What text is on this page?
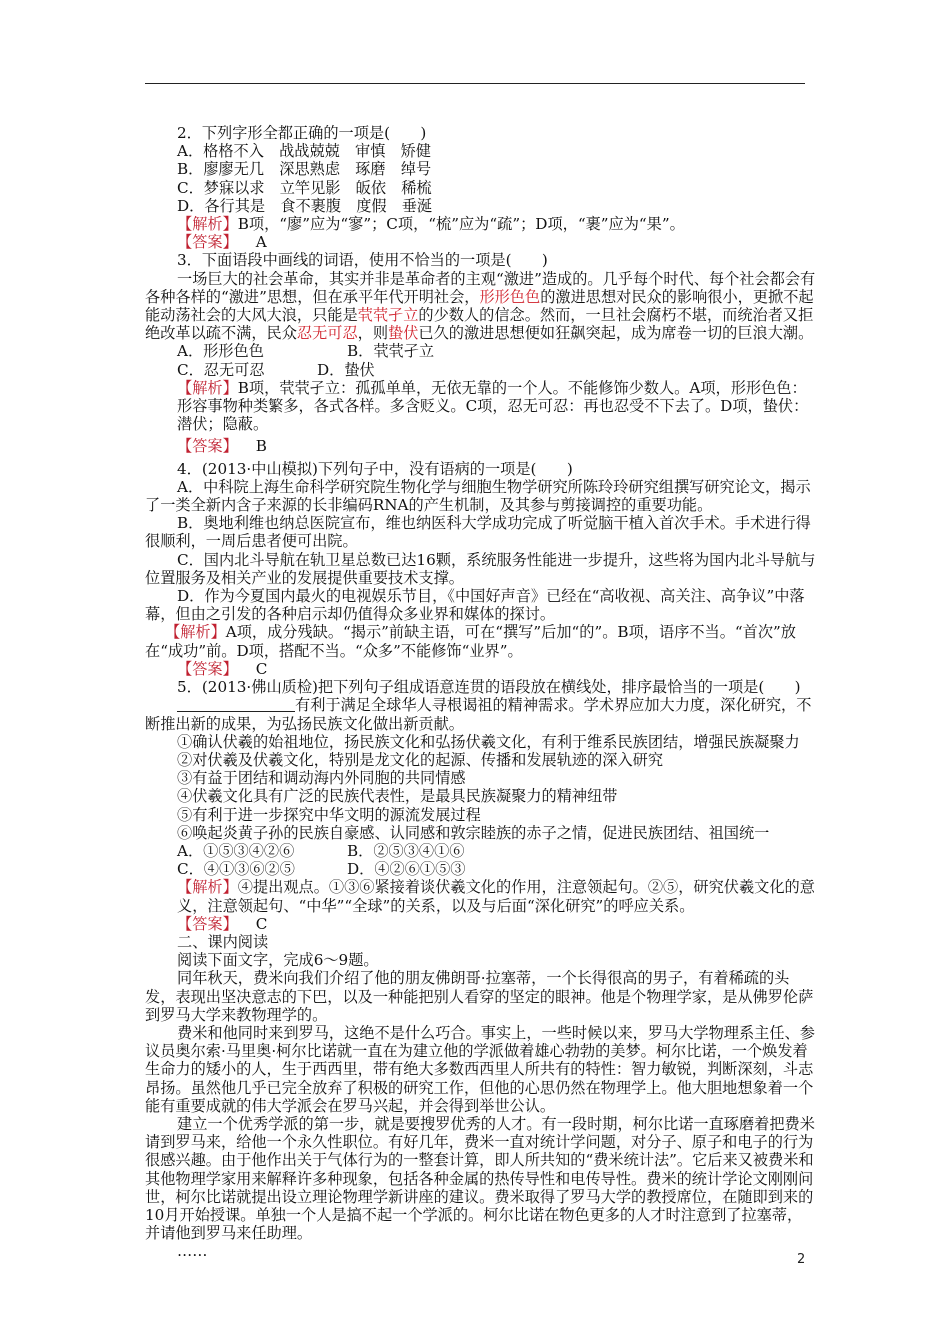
2．下列字形全都正确的一项是(　　)

A．格格不入　战战兢兢　审慎　矫健

B．廖廖无几　深思熟虑　琢磨　绰号

C．梦寐以求　立竿见影　皈依　稀梳

D．各行其是　食不裹腹　度假　垂涎

【解析】B项，“廖”应为“寥”；C项，“梳”应为“疏”；D项，“裹”应为“果”。

【答案】 A

3．下面语段中画线的词语，使用不恰当的一项是(　　)

一场巨大的社会革命，其实并非是革命者的主观“激进”造成的。几乎每个时代、每个社会都会有各种各样的“激进”思想，但在承平年代开明社会，形形色色的激进思想对民众的影响很小，更掀不起能动荡社会的大风大浪，只能是茕茕孑立的少数人的信念。然而，一旦社会腐朽不堪，而统治者又拒绝改革以疏不满，民众忍无可忍，则蛰伏已久的激进思想便如狂飙突起，成为席卷一切的巨浪大潮。

A．形形色色	B．茕茕孑立

C．忍无可忍	D．蛰伏

【解析】B项，茕茕孑立：孤孤单单，无依无靠的一个人。不能修饰少数人。A项，形形色色：形容事物种类繁多，各式各样。多含贬义。C项，忍无可忍：再也忍受不下去了。D项，蛰伏：潜伏；隐蔽。

【答案】 B

4．(2013·中山模拟)下列句子中，没有语病的一项是(　　)

A．中科院上海生命科学研究院生物化学与细胞生物学研究所陈玲玲研究组撰写研究论文，揭示了一类全新内含子来源的长非编码RNA的产生机制，及其参与剪接调控的重要功能。

B．奥地利维也纳总医院宣布，维也纳医科大学成功完成了听觉脑干植入首次手术。手术进行得很顺利，一周后患者便可出院。

C．国内北斗导航在轨卫星总数已达16颗，系统服务性能进一步提升，这些将为国内北斗导航与位置服务及相关产业的发展提供重要技术支撑。

D．作为今夏国内最火的电视娱乐节目，《中国好声音》已经在“高收视、高关注、高争议”中落幕，但由之引发的各种启示却仍值得众多业界和媒体的探讨。

【解析】A项，成分残缺。“揭示”前缺主语，可在“撰写”后加“的”。B项，语序不当。“首次”放在“成功”前。D项，搭配不当。“众多”不能修饰“业界”。

【答案】 C

5．(2013·佛山质检)把下列句子组成语意连贯的语段放在横线处，排序最恰当的一项是(　　)

有利于满足全球华人寻根谒祖的精神需求。学术界应加大力度，深化研究，不断推出新的成果，为弘扬民族文化做出新贡献。

①确认伏羲的始祖地位，扬民族文化和弘扬伏羲文化，有利于维系民族团结，增强民族凝聚力

②对伏羲及伏羲文化，特别是龙文化的起源、传播和发展轨迹的深入研究

③有益于团结和调动海内外同胞的共同情感

④伏羲文化具有广泛的民族代表性，是最具民族凝聚力的精神纽带

⑤有利于进一步探究中华文明的源流发展过程

⑥唤起炎黄子孙的民族自豪感、认同感和敦宗睦族的赤子之情，促进民族团结、祖国统一

A．①⑤③④②⑥	B．②⑤③④①⑥

C．④①③⑥②⑤	D．④②⑥①⑤③

【解析】④提出观点。①③⑥紧接着谈伏羲文化的作用，注意领起句。②⑤，研究伏羲文化的意义，注意领起句、“中华”“全球”的关系，以及与后面“深化研究”的呼应关系。

【答案】 C

二、课内阅读

阅读下面文字，完成6～9题。

同年秋天，费米向我们介绍了他的朋友佛朗哥·拉塞蒂，一个长得很高的男子，有着稀疏的头发，表现出坚决意志的下巴，以及一种能把别人看穿的坚定的眼神。他是个物理学家，是从佛罗伦萨到罗马大学来教物理学的。

费米和他同时来到罗马，这绝不是什么巧合。事实上，一些时候以来，罗马大学物理系主任、参议员奥尔索·马里奥·柯尔比诺就一直在为建立他的学派做着雄心勃勃的美梦。柯尔比诺，一个焕发着生命力的矮小的人，生于西西里，带有绝大多数西西里人所共有的特性：智力敏锐，判断深刻，斗志昂扬。虽然他几乎已完全放弃了积极的研究工作，但他的心思仍然在物理学上。他大胆地想象着一个能有重要成就的伟大学派会在罗马兴起，并会得到举世公认。

建立一个优秀学派的第一步，就是要搜罗优秀的人才。有一段时期，柯尔比诺一直琢磨着把费米请到罗马来，给他一个永久性职位。有好几年，费米一直对统计学问题，对分子、原子和电子的行为很感兴趣。由于他作出关于气体行为的一整套计算，即人所共知的“费米统计法”。它后来又被费米和其他物理学家用来解释许多种现象，包括各种金属的热传导性和电传导性。费米的统计学论文刚刚问世，柯尔比诺就提出设立理论物理学新讲座的建议。费米取得了罗马大学的教授席位，在随即到来的10月开始授课。单独一个人是搞不起一个学派的。柯尔比诺在物色更多的人才时注意到了拉塞蒂，并请他到罗马来任助理。

……	2
